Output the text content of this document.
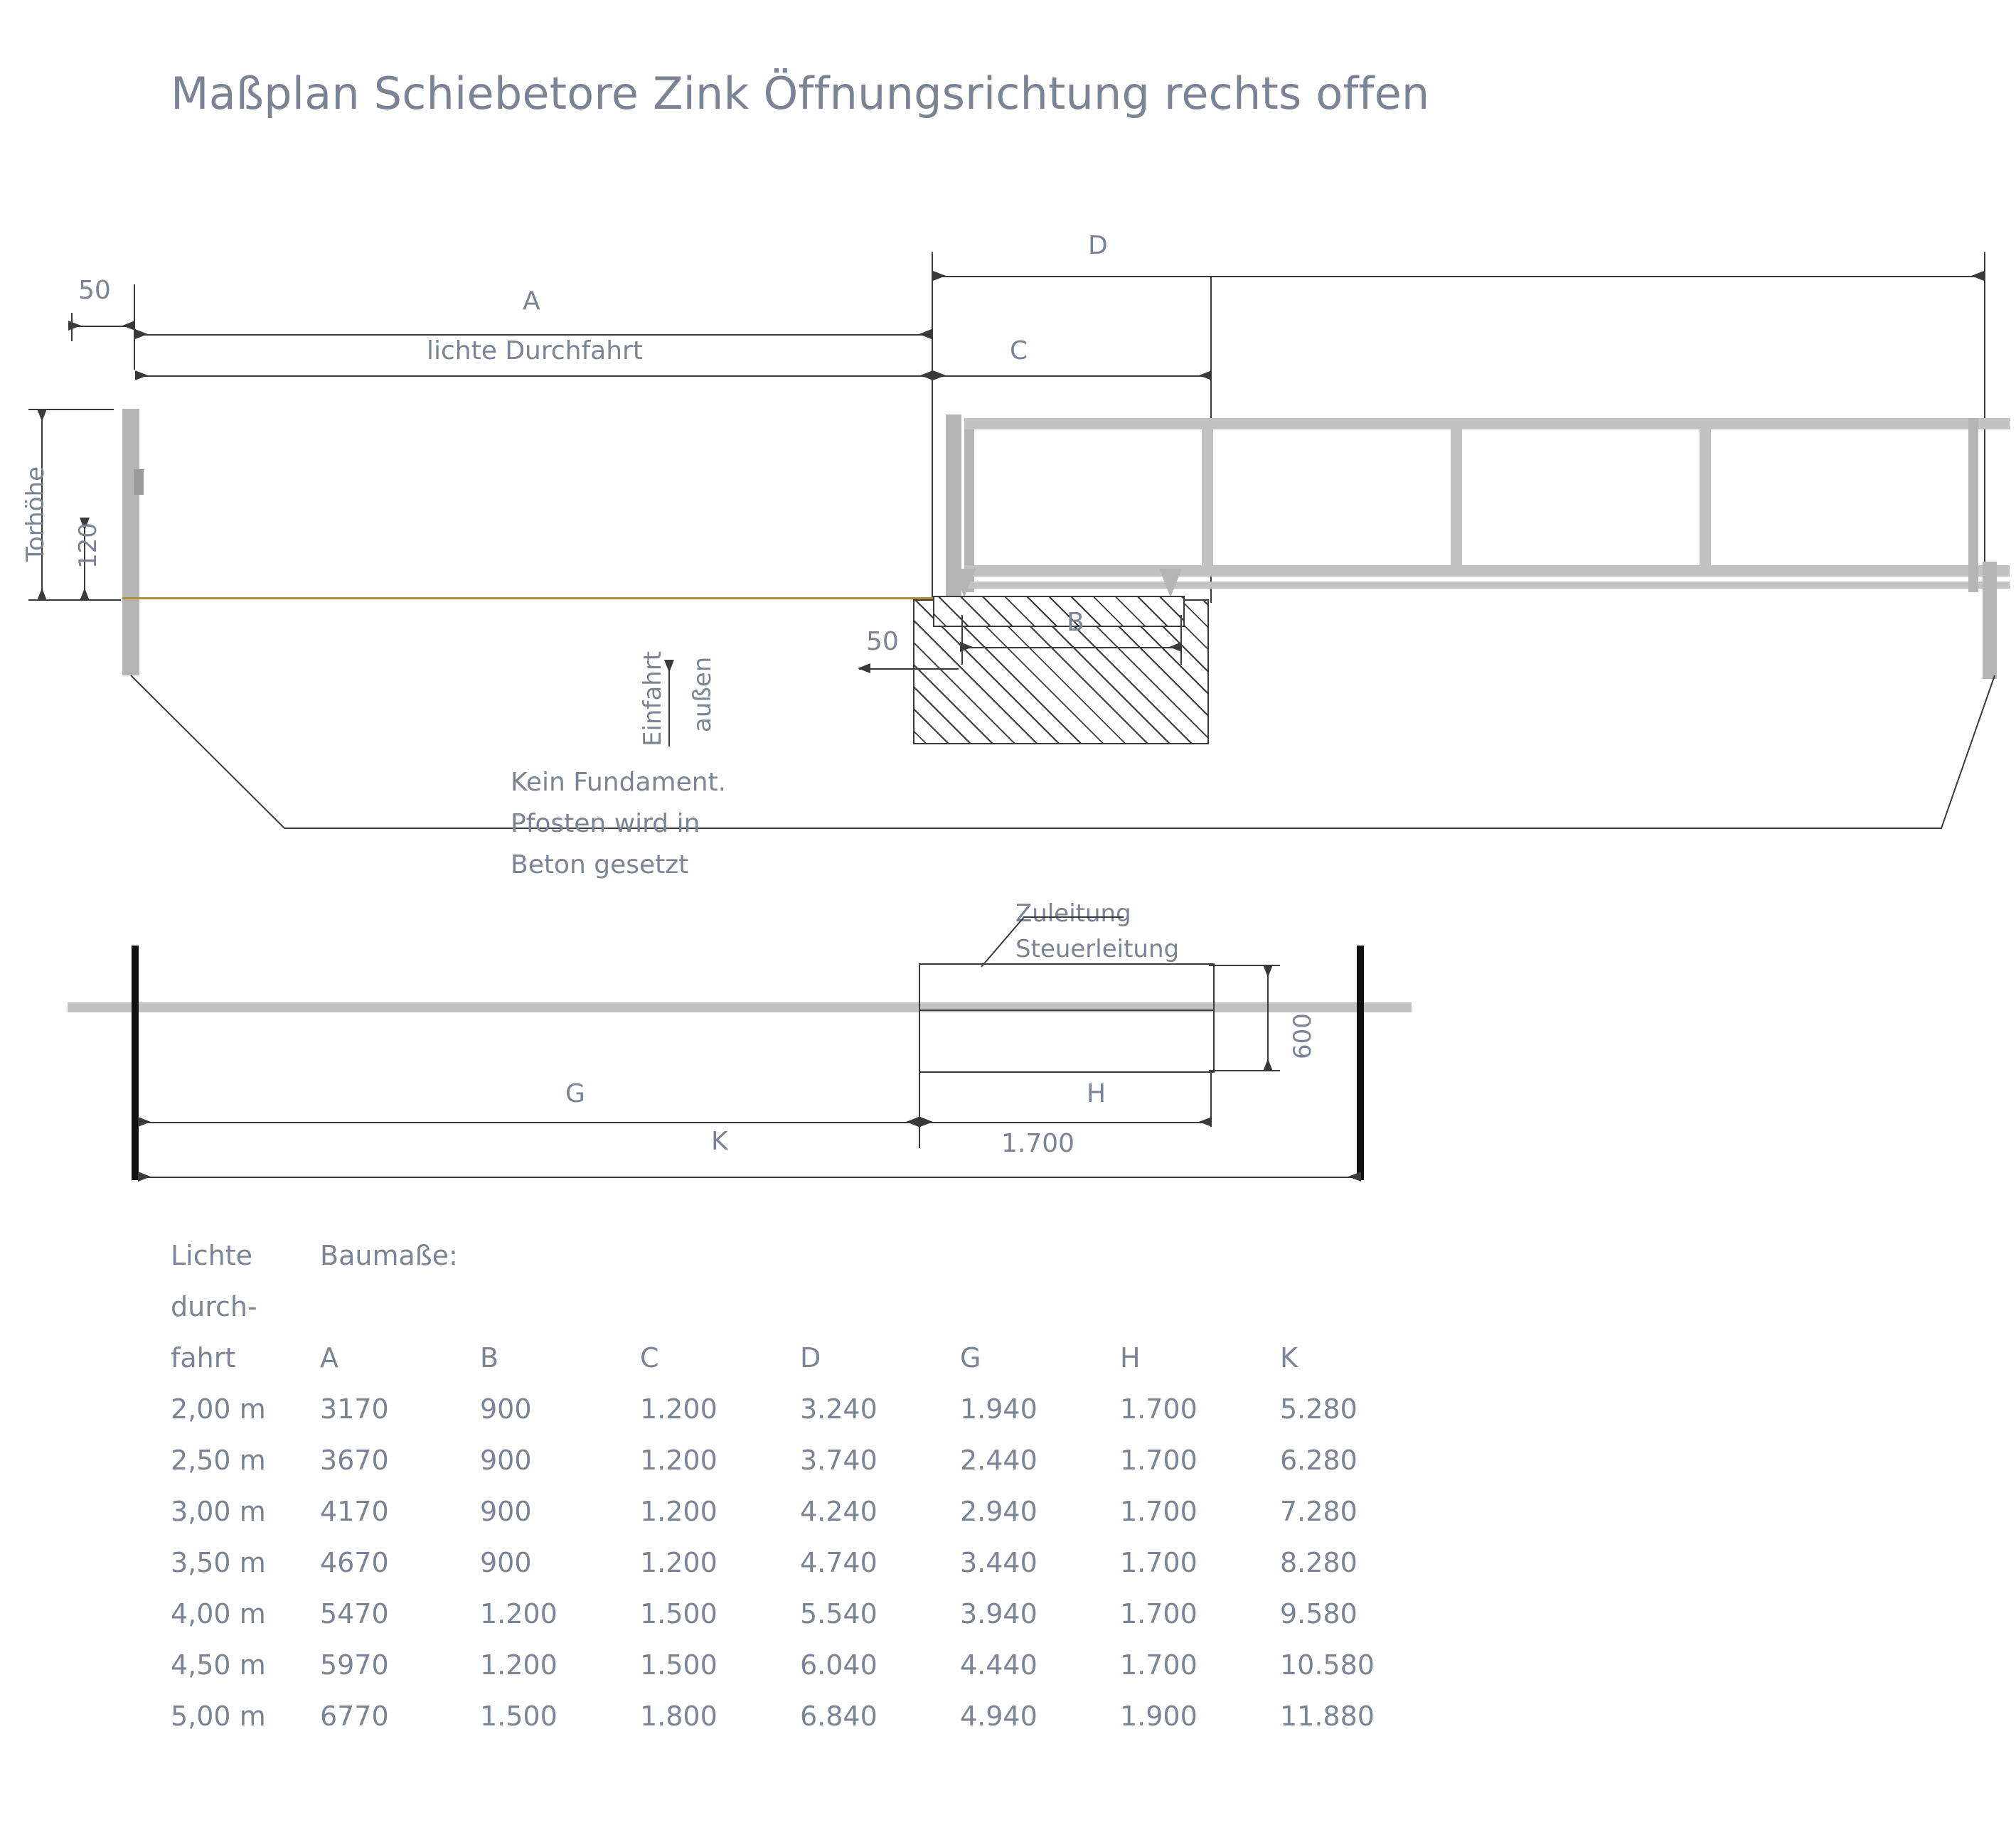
Maßplan Schiebetore Zink Öffnungsrichtung rechts offen
D
50	A
C
lichte Durchfahrt
Torhöhe 120
B
50
Einfahrt außen
Kein Fundament.
Pfosten wird in
Beton gesetzt
Zuleitung
Steuerleitung
600
G	H
1.700
K
Lichte	Baumaße:						
durch-							
fahrt	A	B	C	D	G	H	K
2,00 m	3170	900	1.200	3.240	1.940	1.700	5.280
2,50 m	3670	900	1.200	3.740	2.440	1.700	6.280
3,00 m	4170	900	1.200	4.240	2.940	1.700	7.280
3,50 m	4670	900	1.200	4.740	3.440	1.700	8.280
4,00 m	5470	1.200	1.500	5.540	3.940	1.700	9.580
4,50 m	5970	1.200	1.500	6.040	4.440	1.700	10.580
5,00 m	6770	1.500	1.800	6.840	4.940	1.900	11.880
